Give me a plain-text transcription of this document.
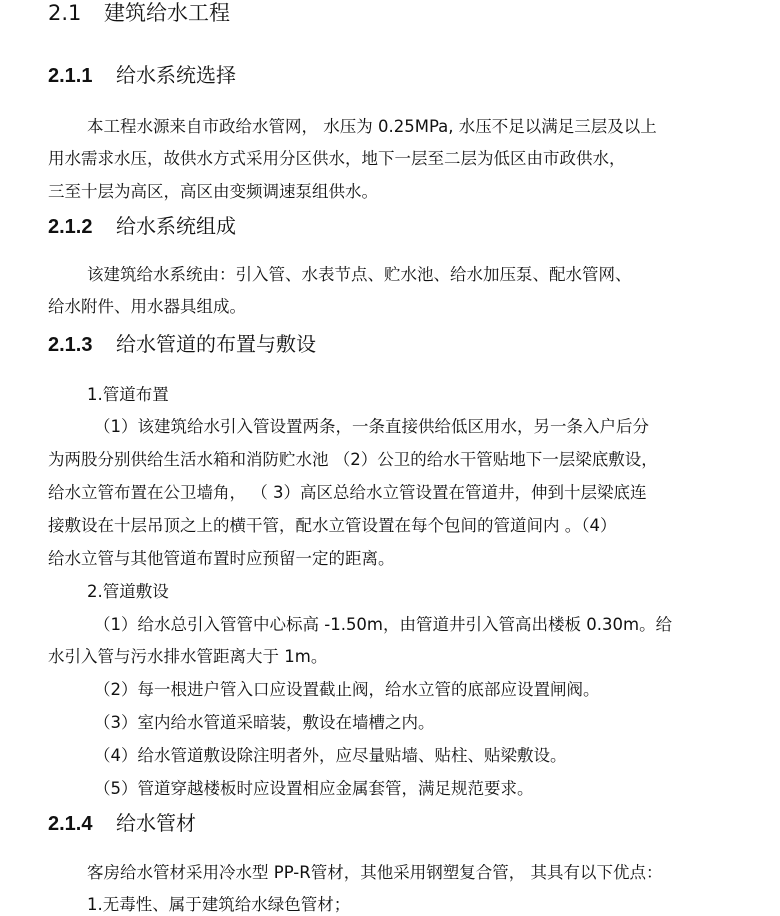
2.1 建筑给水工程
2.1.1 给水系统选择
本工程水源来自市政给水管网， 水压为 0.25MPa, 水压不足以满足三层及以上
用水需求水压，故供水方式采用分区供水，地下一层至二层为低区由市政供水，
三至十层为高区，高区由变频调速泵组供水。
2.1.2 给水系统组成
该建筑给水系统由：引入管、水表节点、贮水池、给水加压泵、配水管网、
给水附件、用水器具组成。
2.1.3 给水管道的布置与敷设
1.管道布置
（1）该建筑给水引入管设置两条，一条直接供给低区用水，另一条入户后分
为两股分别供给生活水箱和消防贮水池 （2）公卫的给水干管贴地下一层梁底敷设，
给水立管布置在公卫墙角， （ 3）高区总给水立管设置在管道井，伸到十层梁底连
接敷设在十层吊顶之上的横干管，配水立管设置在每个包间的管道间内 。（4）
给水立管与其他管道布置时应预留一定的距离。
2.管道敷设
（1）给水总引入管管中心标高 -1.50m，由管道井引入管高出楼板 0.30m。给
水引入管与污水排水管距离大于 1m。
（2）每一根进户管入口应设置截止阀，给水立管的底部应设置闸阀。
（3）室内给水管道采暗装，敷设在墙槽之内。
（4）给水管道敷设除注明者外，应尽量贴墙、贴柱、贴梁敷设。
（5）管道穿越楼板时应设置相应金属套管，满足规范要求。
2.1.4 给水管材
客房给水管材采用冷水型 PP-R管材，其他采用钢塑复合管， 其具有以下优点：
1.无毒性、属于建筑给水绿色管材；
